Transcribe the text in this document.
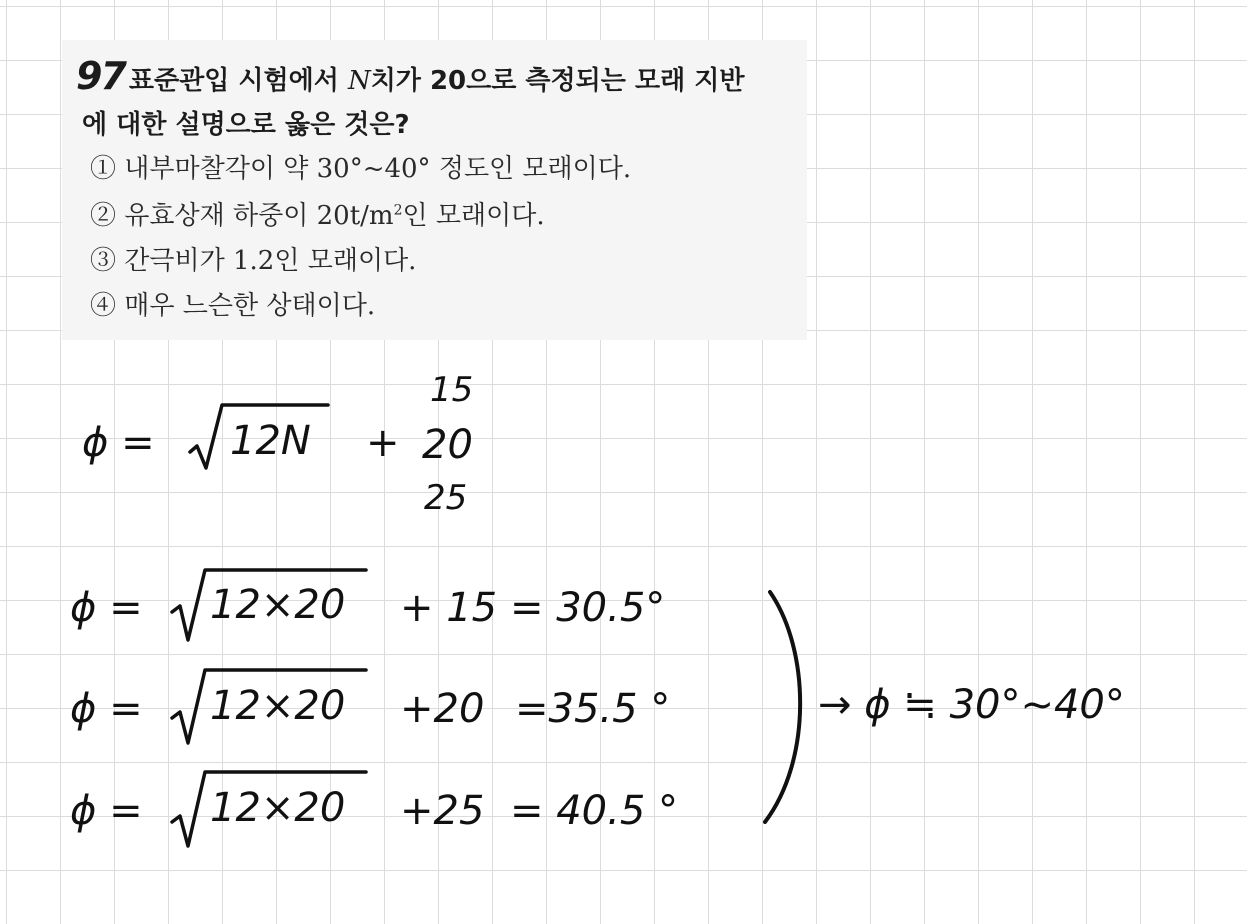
97 표준관입 시험에서 N치가 20으로 측정되는 모래 지반
에 대한 설명으로 옳은 것은?
① 내부마찰각이 약 30°~40° 정도인 모래이다.
② 유효상재 하중이 $20t/m^2$인 모래이다.
③ 간극비가 1.2인 모래이다.
④ 매우 느슨한 상태이다.
ϕ = 12N +
15
20
25
ϕ = 12×20 + 15 = 30.5°
ϕ = 12×20 +20 =35.5 °
ϕ = 12×20 +25 = 40.5 °
→ ϕ ≒ 30°~40°
